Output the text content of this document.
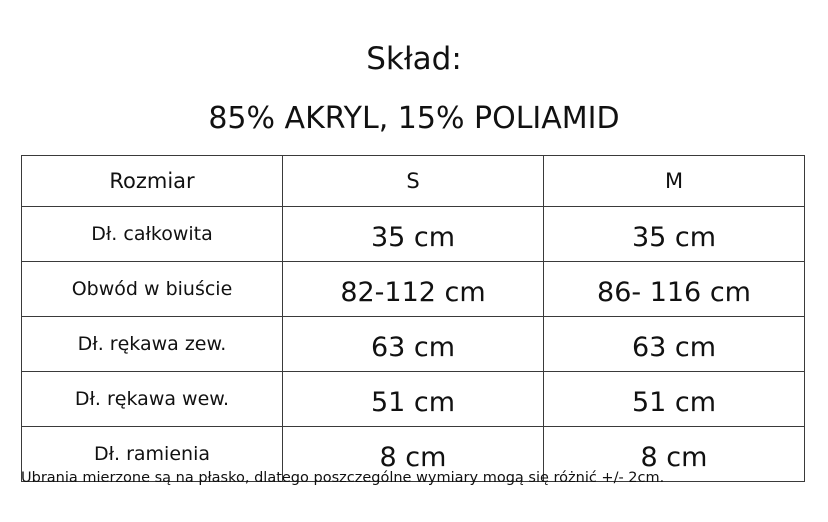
Skład:
85% AKRYL, 15% POLIAMID
Rozmiar	S	M
Dł. całkowita	35 cm	35 cm
Obwód w biuście	82-112 cm	86- 116 cm
Dł. rękawa zew.	63 cm	63 cm
Dł. rękawa wew.	51 cm	51 cm
Dł. ramienia	8 cm	8 cm
Ubrania mierzone są na płasko, dlatego poszczególne wymiary mogą się różnić +/- 2cm.
